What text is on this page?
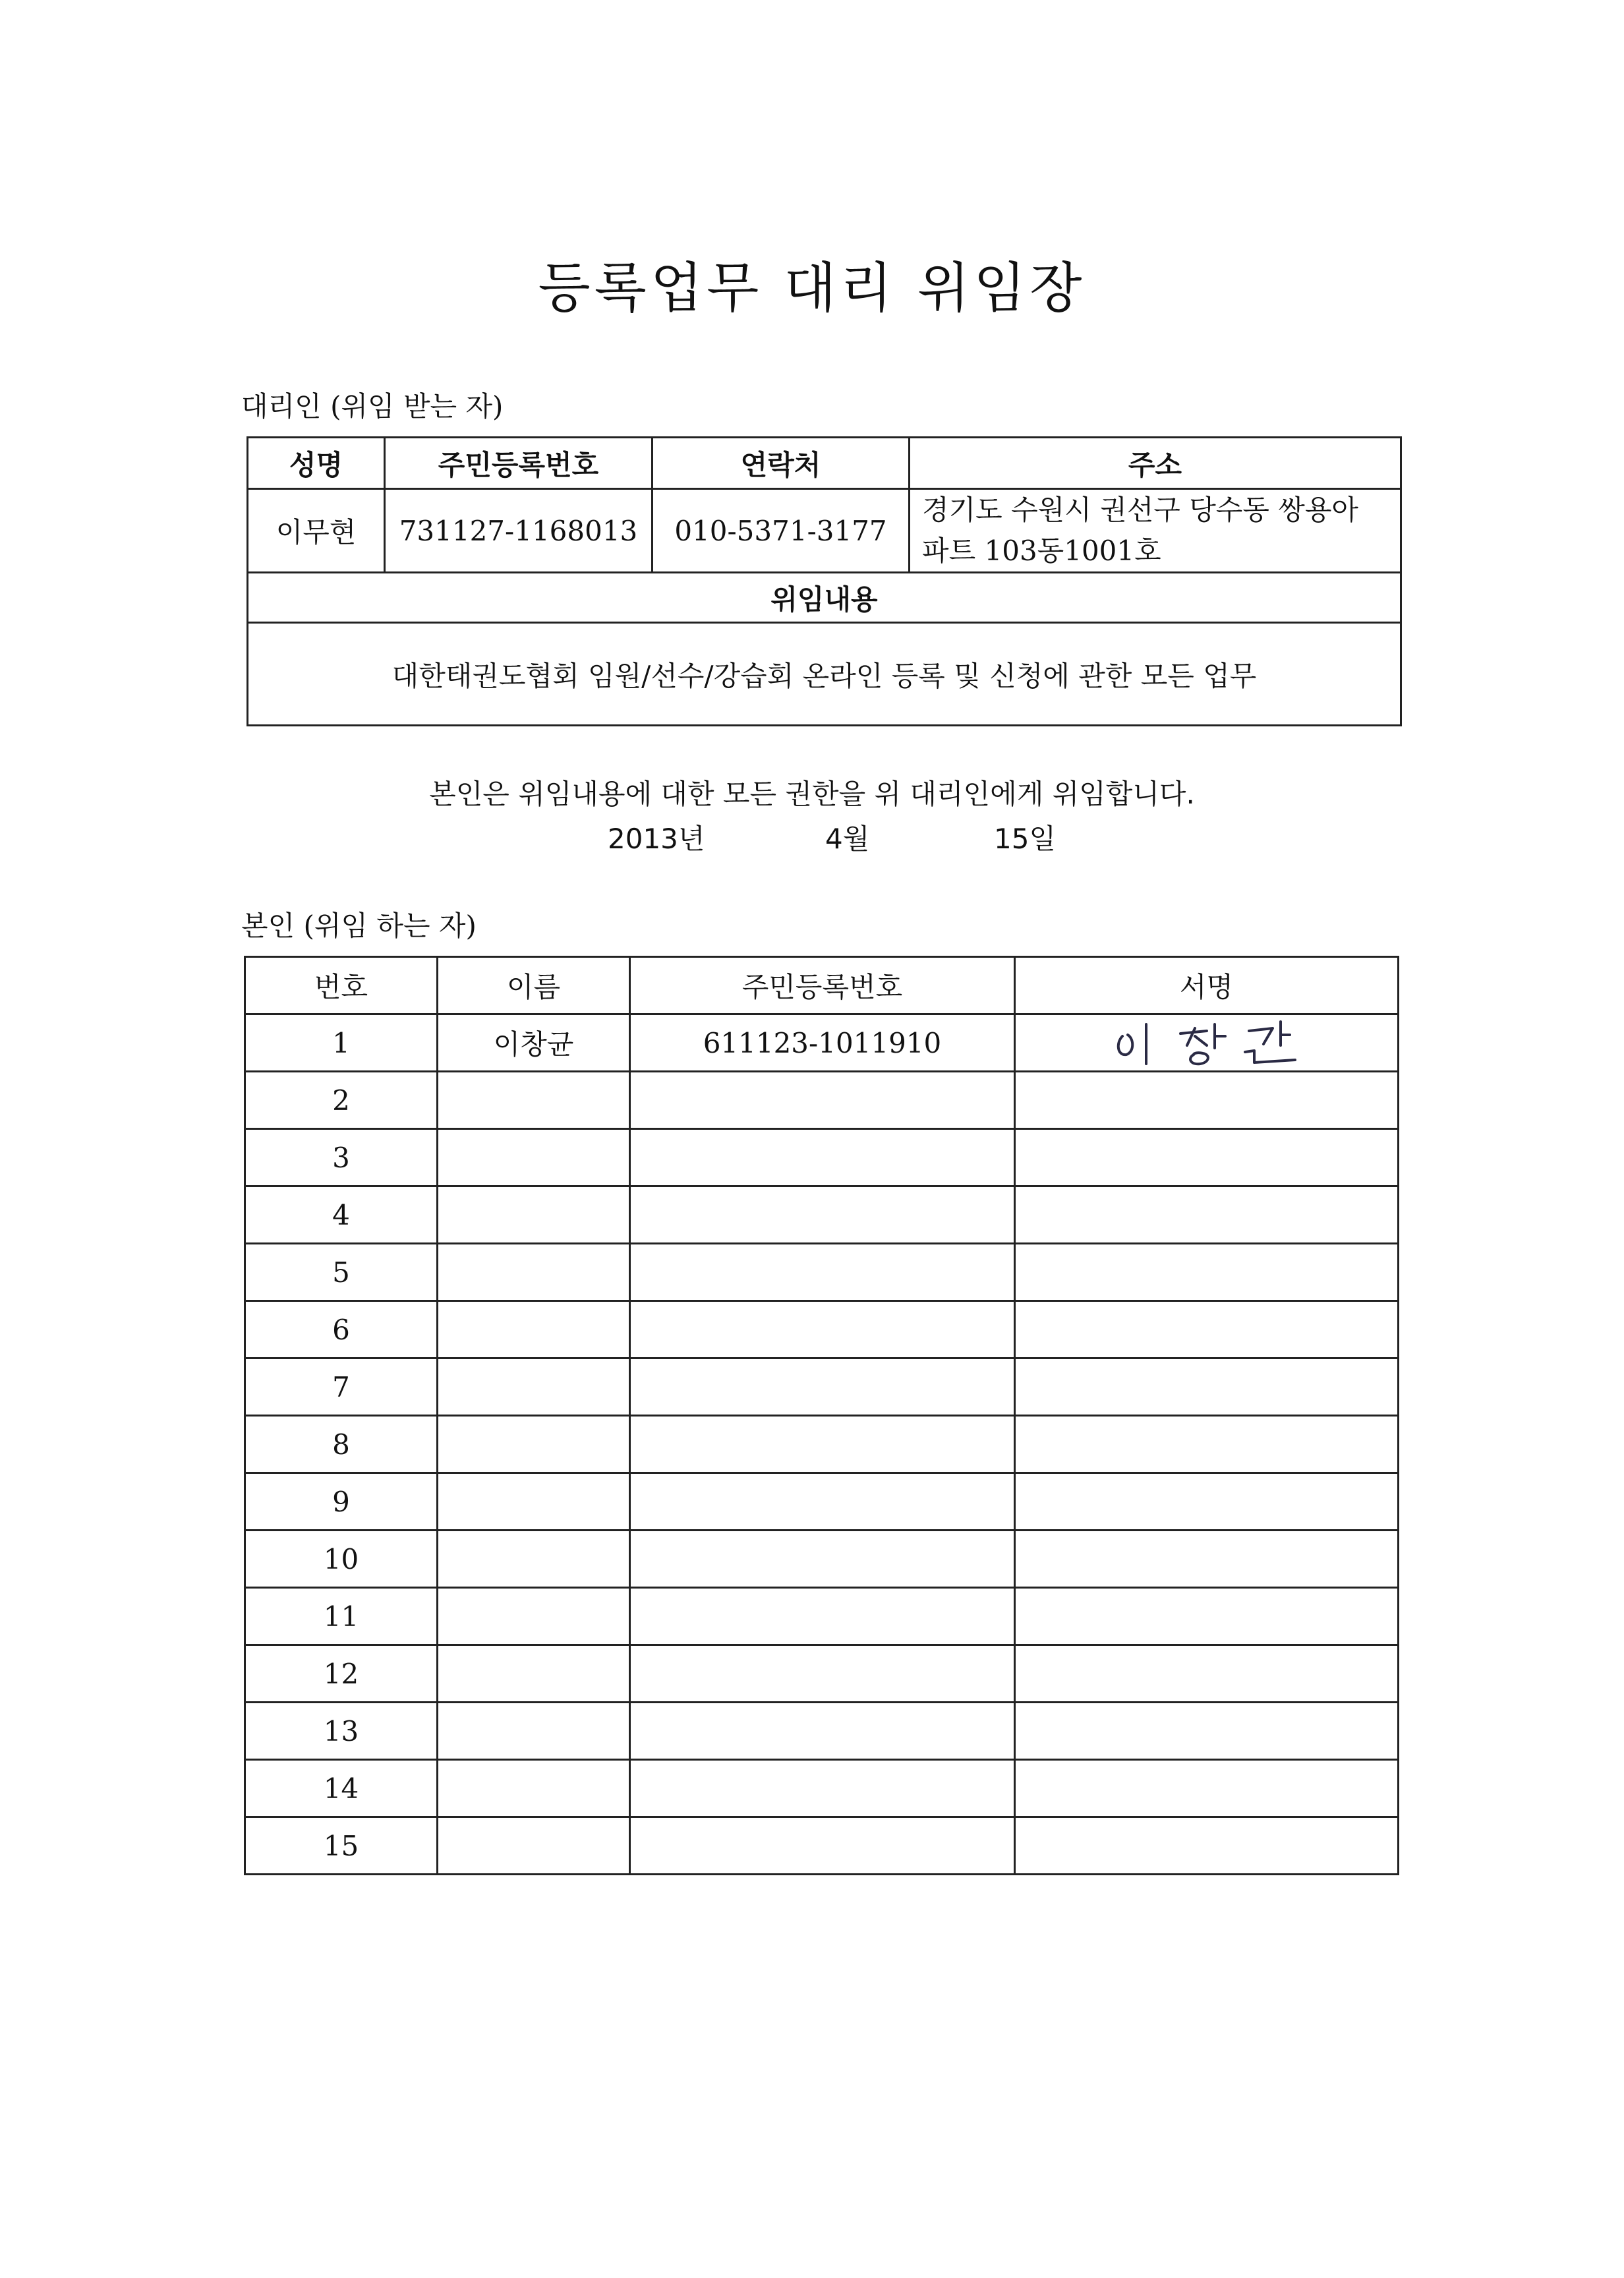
등록업무 대리 위임장
대리인 (위임 받는 자)
성명	주민등록번호	연락처	주소
이무현	731127-1168013	010-5371-3177	경기도 수원시 권선구 당수동 쌍용아
파트 103동1001호

위임내용			
대한태권도협회 임원/선수/강습회 온라인 등록 및 신청에 관한 모든 업무			
본인은 위임내용에 대한 모든 권한을 위 대리인에게 위임합니다.
2013년	4월	15일
본인 (위임 하는 자)
번호	이름	주민등록번호	서명
1	이창균	611123-1011910	

2			
3			
4			
5			
6			
7			
8			
9			
10			
11			
12			
13			
14			
15			
